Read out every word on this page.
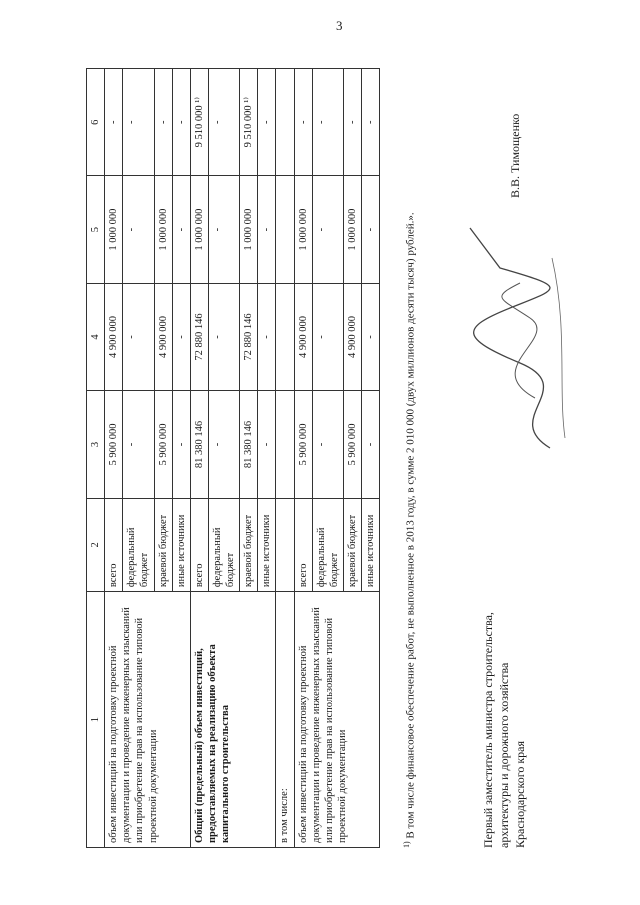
3
1	2	3	4	5	6
объем инвестиций на подготовку проектной документации и проведение инженерных изысканий или приобретение прав на использование типовой проектной документации	всего	5 900 000	4 900 000	1 000 000	-
	федеральный бюджет	-	-	-	-
	краевой бюджет	5 900 000	4 900 000	1 000 000	-
	иные источники	-	-	-	-
Общий (предельный) объем инвестиций, предоставляемых на реализацию объекта капитального строительства	всего	81 380 146	72 880 146	1 000 000	9 510 000 ¹⁾
	федеральный бюджет	-	-	-	-
	краевой бюджет	81 380 146	72 880 146	1 000 000	9 510 000 ¹⁾
	иные источники	-	-	-	-
в том числе:					
объем инвестиций на подготовку проектной документации и проведение инженерных изысканий или приобретение прав на использование типовой проектной документации	всего	5 900 000	4 900 000	1 000 000	-
	федеральный бюджет	-	-	-	-
	краевой бюджет	5 900 000	4 900 000	1 000 000	-
	иные источники	-	-	-	-
$^{1)}$ В том числе финансовое обеспечение работ, не выполненное в 2013 году, в сумме 2 010 000 (двух миллионов десяти тысяч) рублей.».	Первый заместитель министра строительства, архитектуры и дорожного хозяйства Краснодарского края
В.В. Тимощенко
